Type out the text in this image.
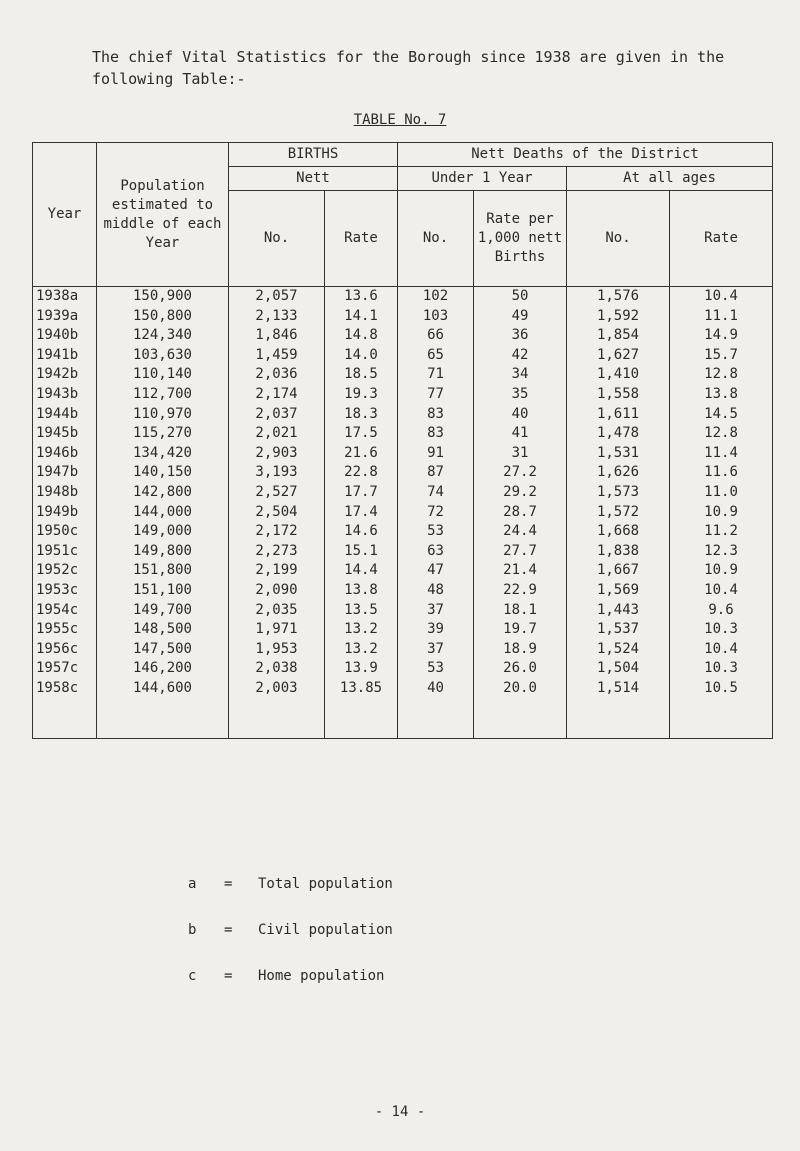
The chief Vital Statistics for the Borough since 1938 are given in the following Table:-
TABLE No. 7
Year	Population estimated to middle of each Year	BIRTHS		Nett Deaths of the District			
		Nett		Under 1 Year		At all ages	
		No.	Rate	No.	Rate per 1,000 nett Births	No.	Rate
1938a	150,900	2,057	13.6	102	50	1,576	10.4
1939a	150,800	2,133	14.1	103	49	1,592	11.1
1940b	124,340	1,846	14.8	66	36	1,854	14.9
1941b	103,630	1,459	14.0	65	42	1,627	15.7
1942b	110,140	2,036	18.5	71	34	1,410	12.8
1943b	112,700	2,174	19.3	77	35	1,558	13.8
1944b	110,970	2,037	18.3	83	40	1,611	14.5
1945b	115,270	2,021	17.5	83	41	1,478	12.8
1946b	134,420	2,903	21.6	91	31	1,531	11.4
1947b	140,150	3,193	22.8	87	27.2	1,626	11.6
1948b	142,800	2,527	17.7	74	29.2	1,573	11.0
1949b	144,000	2,504	17.4	72	28.7	1,572	10.9
1950c	149,000	2,172	14.6	53	24.4	1,668	11.2
1951c	149,800	2,273	15.1	63	27.7	1,838	12.3
1952c	151,800	2,199	14.4	47	21.4	1,667	10.9
1953c	151,100	2,090	13.8	48	22.9	1,569	10.4
1954c	149,700	2,035	13.5	37	18.1	1,443	9.6
1955c	148,500	1,971	13.2	39	19.7	1,537	10.3
1956c	147,500	1,953	13.2	37	18.9	1,524	10.4
1957c	146,200	2,038	13.9	53	26.0	1,504	10.3
1958c	144,600	2,003	13.85	40	20.0	1,514	10.5

a	=	Total population
b	=	Civil population
c	=	Home population
- 14 -
